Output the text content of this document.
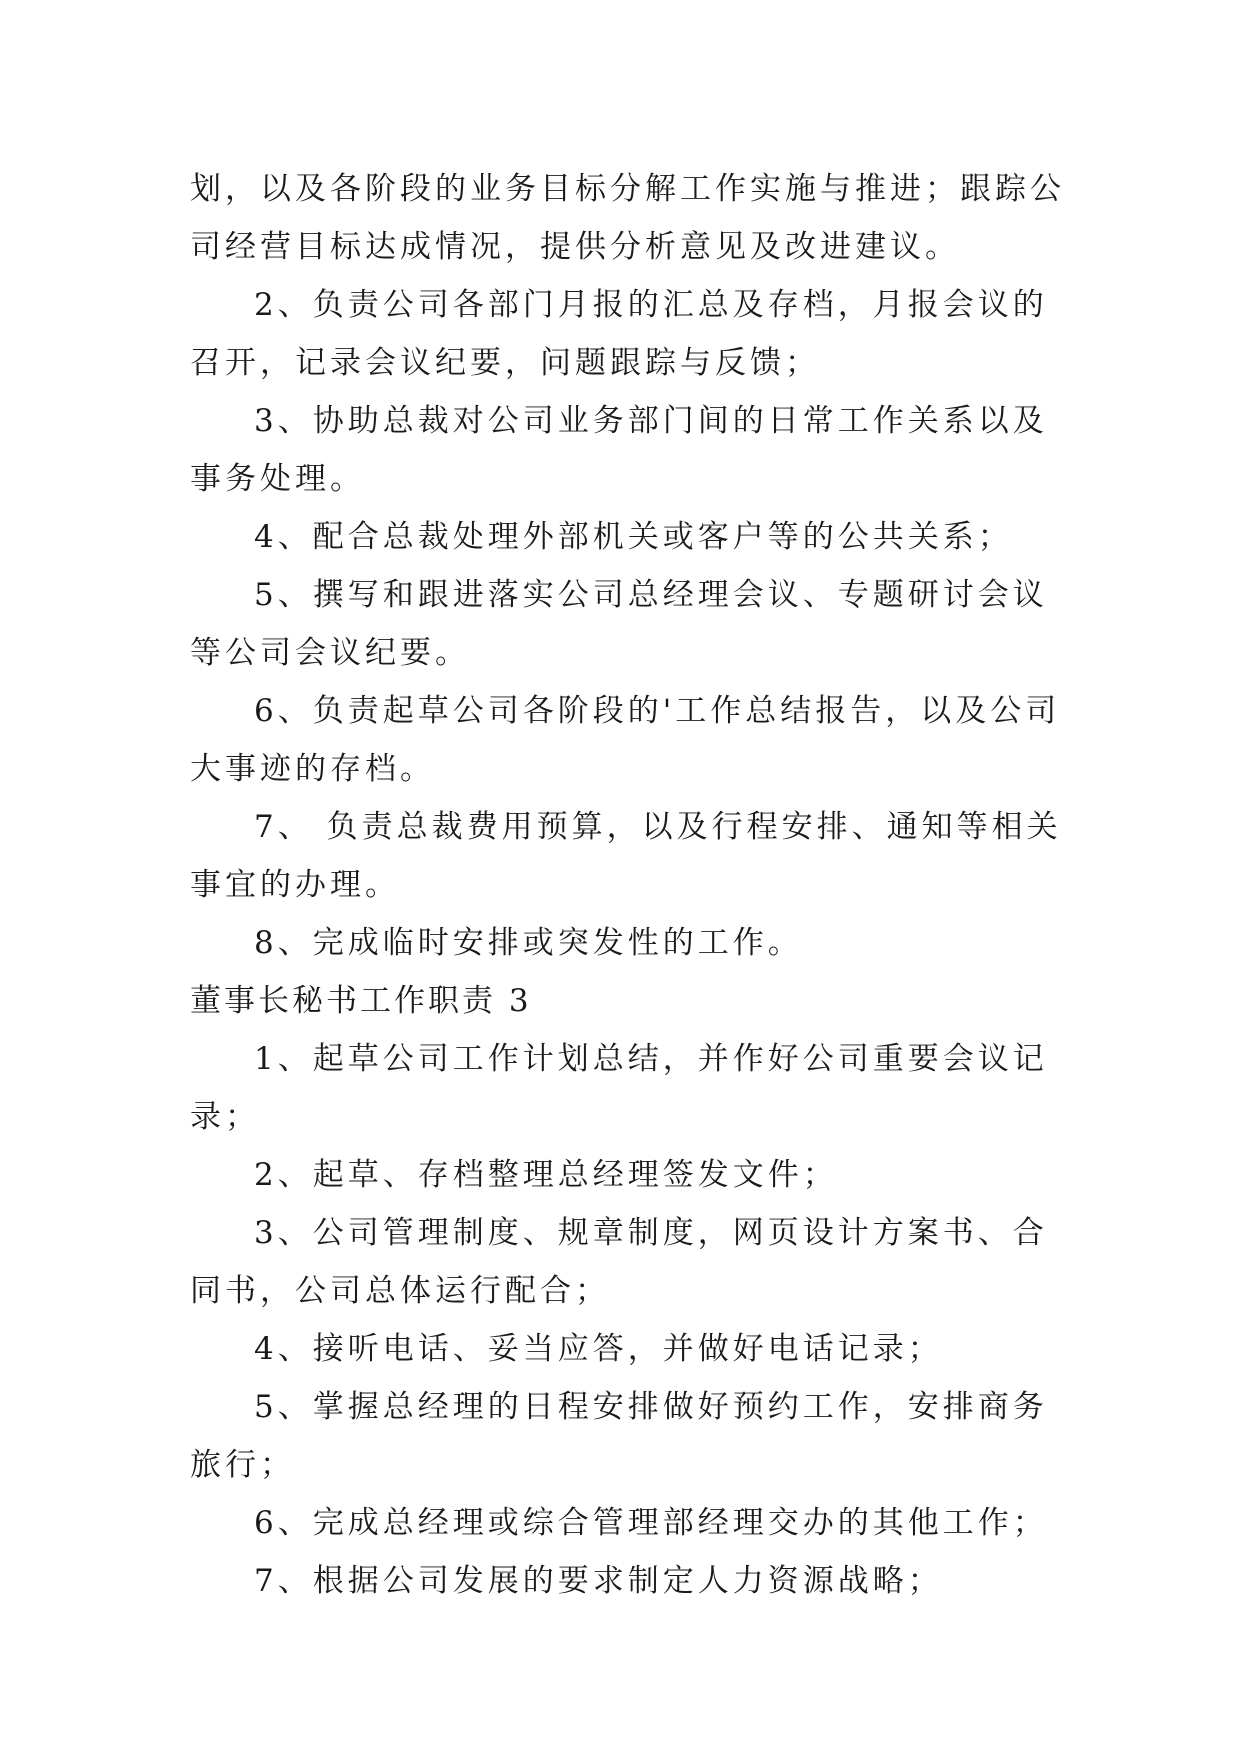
划，以及各阶段的业务目标分解工作实施与推进；跟踪公司经营目标达成情况，提供分析意见及改进建议。

2、负责公司各部门月报的汇总及存档，月报会议的召开，记录会议纪要，问题跟踪与反馈；

3、协助总裁对公司业务部门间的日常工作关系以及事务处理。

4、配合总裁处理外部机关或客户等的公共关系；

5、撰写和跟进落实公司总经理会议、专题研讨会议等公司会议纪要。

6、负责起草公司各阶段的'工作总结报告，以及公司大事迹的存档。

7、 负责总裁费用预算，以及行程安排、通知等相关事宜的办理。

8、完成临时安排或突发性的工作。

董事长秘书工作职责 3

1、起草公司工作计划总结，并作好公司重要会议记录；

2、起草、存档整理总经理签发文件；

3、公司管理制度、规章制度，网页设计方案书、合同书，公司总体运行配合；

4、接听电话、妥当应答，并做好电话记录；

5、掌握总经理的日程安排做好预约工作，安排商务旅行；

6、完成总经理或综合管理部经理交办的其他工作；

7、根据公司发展的要求制定人力资源战略；
